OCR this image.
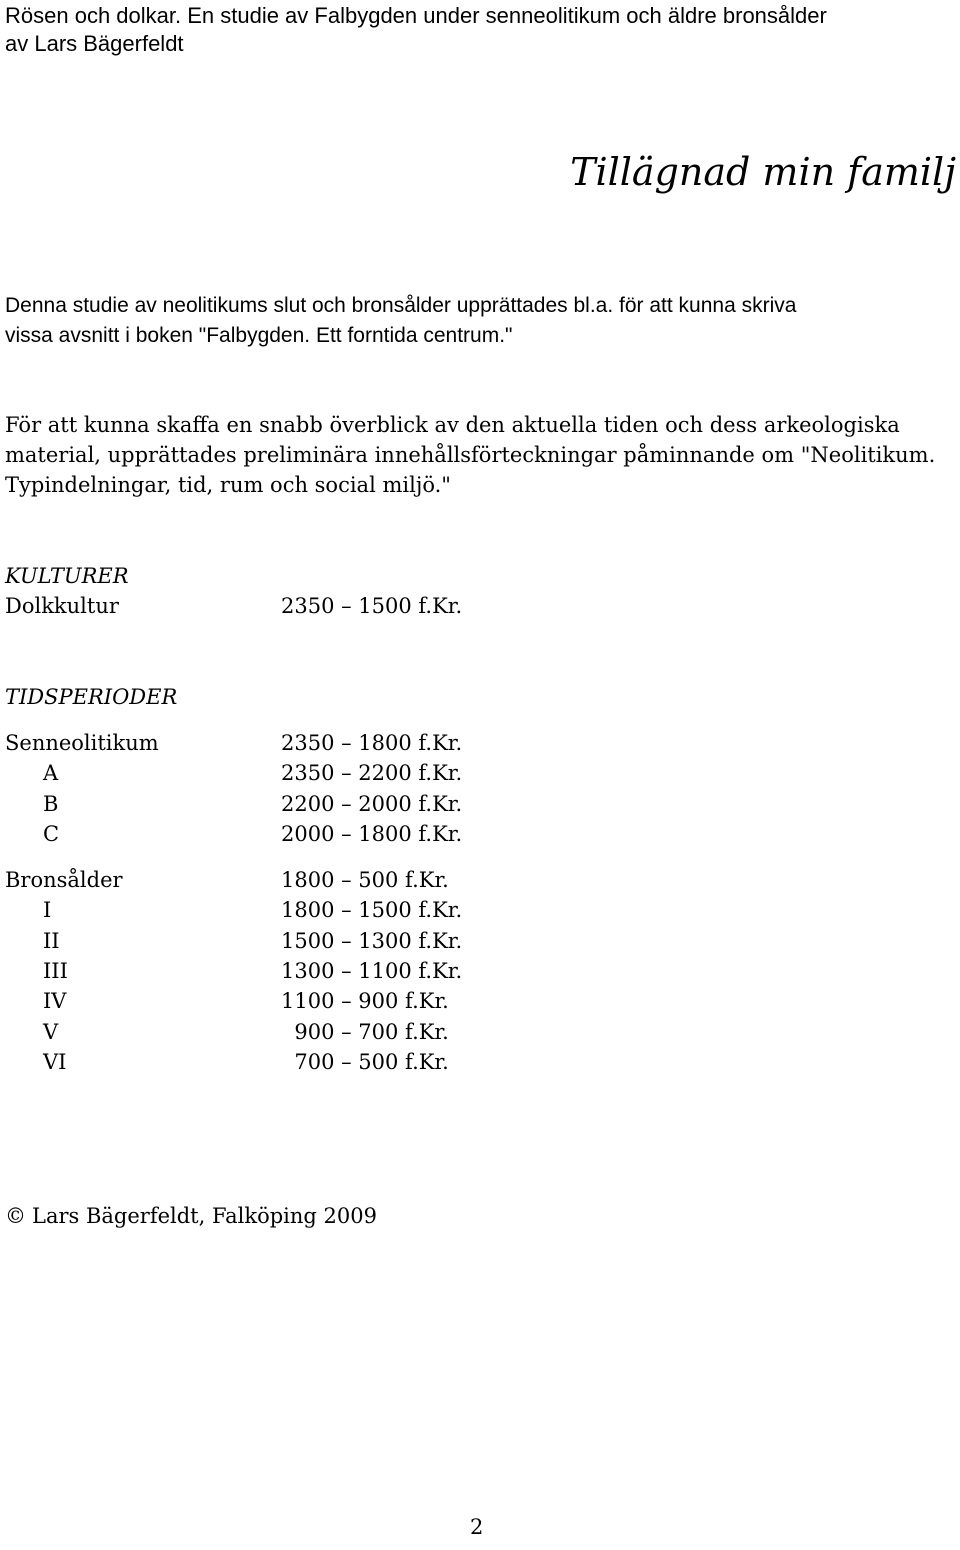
Rösen och dolkar. En studie av Falbygden under senneolitikum och äldre bronsålder
av Lars Bägerfeldt
Tillägnad min familj
Denna studie av neolitikums slut och bronsålder upprättades bl.a. för att kunna skriva
vissa avsnitt i boken "Falbygden. Ett forntida centrum."
För att kunna skaffa en snabb överblick av den aktuella tiden och dess arkeologiska
material, upprättades preliminära innehållsförteckningar påminnande om "Neolitikum.
Typindelningar, tid, rum och social miljö."
KULTURER
Dolkkultur	2350 – 1500 f.Kr.
TIDSPERIODER
Senneolitikum	2350 – 1800 f.Kr.
A	2350 – 2200 f.Kr.
B	2200 – 2000 f.Kr.
C	2000 – 1800 f.Kr.
Bronsålder	1800 – 500 f.Kr.
I	1800 – 1500 f.Kr.
II	1500 – 1300 f.Kr.
III	1300 – 1100 f.Kr.
IV	1100 – 900 f.Kr.
V	900 – 700 f.Kr.
VI	700 – 500 f.Kr.
© Lars Bägerfeldt, Falköping 2009
2
